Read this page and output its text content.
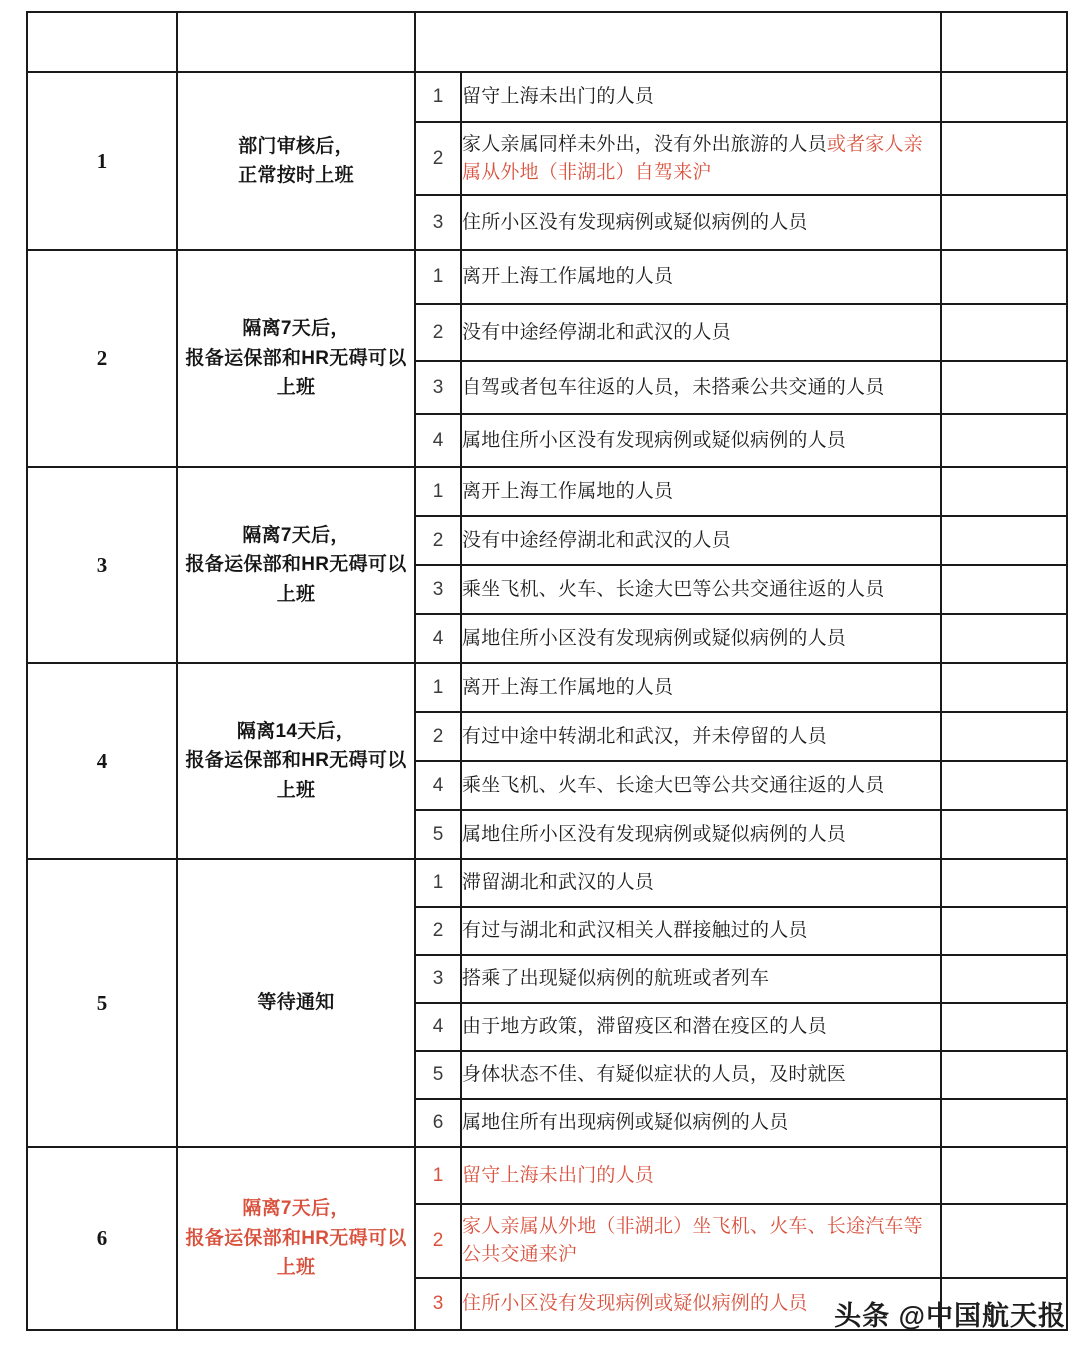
人员类别	相关措施	分类满足条件		备注
1	部门审核后，
正常按时上班	1	留守上海未出门的人员	
		2	家人亲属同样未外出，没有外出旅游的人员或者家人亲属从外地（非湖北）自驾来沪	
		3	住所小区没有发现病例或疑似病例的人员	
2	隔离7天后，
报备运保部和HR无碍可以
上班	1	离开上海工作属地的人员	
		2	没有中途经停湖北和武汉的人员	
		3	自驾或者包车往返的人员，未搭乘公共交通的人员	
		4	属地住所小区没有发现病例或疑似病例的人员	
3	隔离7天后，
报备运保部和HR无碍可以
上班	1	离开上海工作属地的人员	
		2	没有中途经停湖北和武汉的人员	
		3	乘坐飞机、火车、长途大巴等公共交通往返的人员	
		4	属地住所小区没有发现病例或疑似病例的人员	
4	隔离14天后，
报备运保部和HR无碍可以
上班	1	离开上海工作属地的人员	
		2	有过中途中转湖北和武汉，并未停留的人员	
		4	乘坐飞机、火车、长途大巴等公共交通往返的人员	
		5	属地住所小区没有发现病例或疑似病例的人员	
5	等待通知	1	滞留湖北和武汉的人员	
		2	有过与湖北和武汉相关人群接触过的人员	
		3	搭乘了出现疑似病例的航班或者列车	
		4	由于地方政策，滞留疫区和潜在疫区的人员	
		5	身体状态不佳、有疑似症状的人员，及时就医	
		6	属地住所有出现病例或疑似病例的人员	
6	隔离7天后，
报备运保部和HR无碍可以
上班	1	留守上海未出门的人员	
		2	家人亲属从外地（非湖北）坐飞机、火车、长途汽车等公共交通来沪	
		3	住所小区没有发现病例或疑似病例的人员	头条 @中国航天报
